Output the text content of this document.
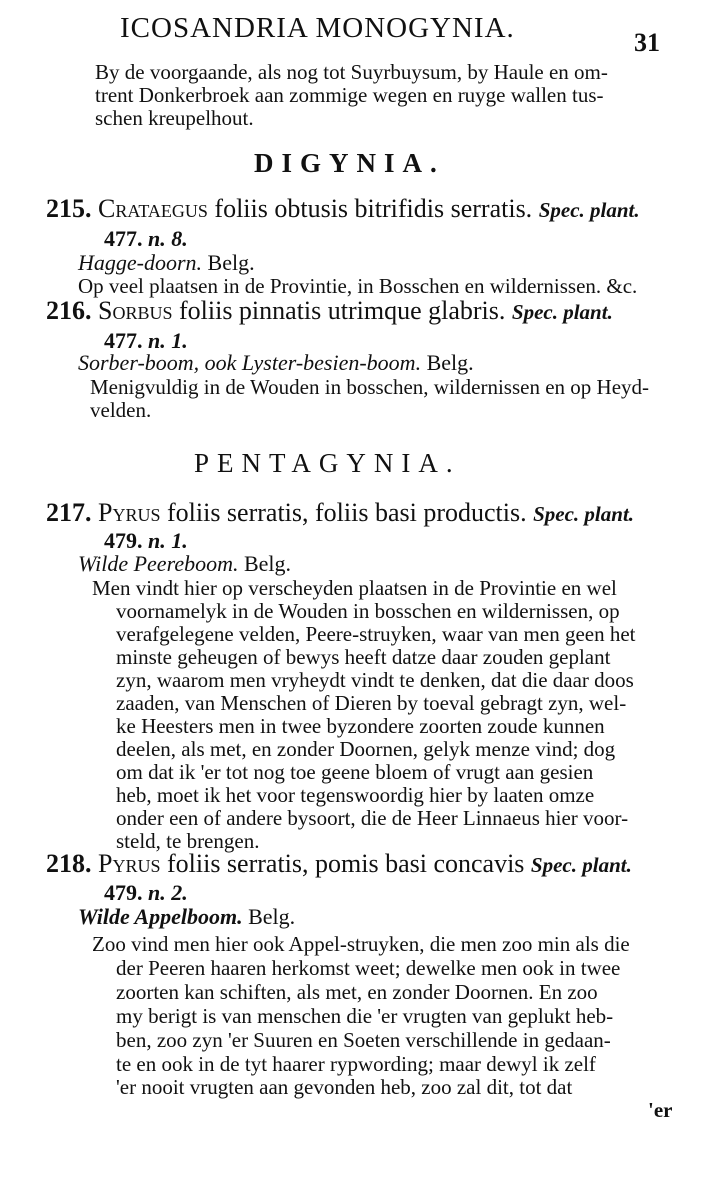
ICOSANDRIA MONOGYNIA.	31
By de voorgaande, als nog tot Suyrbuysum, by Haule en om-
trent Donkerbroek aan zommige wegen en ruyge wallen tus-
schen kreupelhout.
DIGYNIA.
215. Crataegus foliis obtusis bitrifidis serratis. Spec. plant.
477. n. 8.
Hagge-doorn. Belg.
Op veel plaatsen in de Provintie, in Bosschen en wildernissen. &c.
216. Sorbus foliis pinnatis utrimque glabris. Spec. plant.
477. n. 1.
Sorber-boom, ook Lyster-besien-boom. Belg.
Menigvuldig in de Wouden in bosschen, wildernissen en op Heyd-
velden.
PENTAGYNIA.
217. Pyrus foliis serratis, foliis basi productis. Spec. plant.
479. n. 1.
Wilde Peereboom. Belg.
Men vindt hier op verscheyden plaatsen in de Provintie en wel
voornamelyk in de Wouden in bosschen en wildernissen, op
verafgelegene velden, Peere-struyken, waar van men geen het
minste geheugen of bewys heeft datze daar zouden geplant
zyn, waarom men vryheydt vindt te denken, dat die daar doos
zaaden, van Menschen of Dieren by toeval gebragt zyn, wel-
ke Heesters men in twee byzondere zoorten zoude kunnen
deelen, als met, en zonder Doornen, gelyk menze vind; dog
om dat ik 'er tot nog toe geene bloem of vrugt aan gesien
heb, moet ik het voor tegenswoordig hier by laaten omze
onder een of andere bysoort, die de Heer Linnaeus hier voor-
steld, te brengen.
218. Pyrus foliis serratis, pomis basi concavis Spec. plant.
479. n. 2.
Wilde Appelboom. Belg.
Zoo vind men hier ook Appel-struyken, die men zoo min als die
der Peeren haaren herkomst weet; dewelke men ook in twee
zoorten kan schiften, als met, en zonder Doornen. En zoo
my berigt is van menschen die 'er vrugten van geplukt heb-
ben, zoo zyn 'er Suuren en Soeten verschillende in gedaan-
te en ook in de tyt haarer rypwording; maar dewyl ik zelf
'er nooit vrugten aan gevonden heb, zoo zal dit, tot dat
'er
